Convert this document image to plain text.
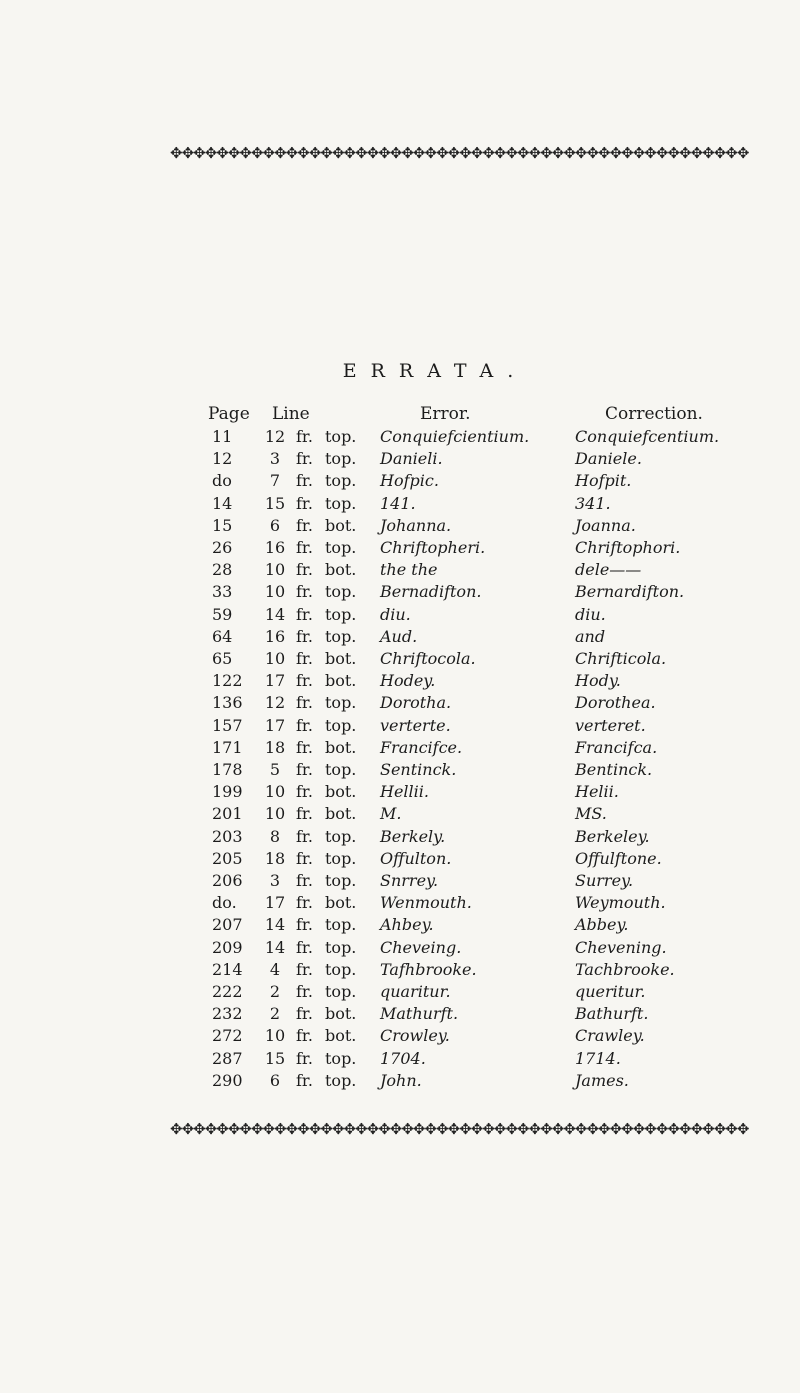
✥✥✥✥✥✥✥✥✥✥✥✥✥✥✥✥✥✥✥✥✥✥✥✥✥✥✥✥✥✥✥✥✥✥✥✥✥✥✥✥✥✥✥✥✥✥✥✥✥✥
ERRATA.
Page Line	Error.	Correction.
11	12 fr. top. Conquiefcientium.	Conquiefcentium.
12	3 fr. top. Danieli.	Daniele.
do	7 fr. top. Hofpic.	Hofpit.
14	15 fr. top. 141.	341.
15	6 fr. bot. Johanna.	Joanna.
26	16 fr. top. Chriftopheri.	Chriftophori.
28	10 fr. bot. the the	dele——
33	10 fr. top. Bernadifton.	Bernardifton.
59	14 fr. top. diu.	diu.
64	16 fr. top. Aud.	and
65	10 fr. bot. Chriftocola.	Chrifticola.
122	17 fr. bot. Hodey.	Hody.
136	12 fr. top. Dorotha.	Dorothea.
157	17 fr. top. verterte.	verteret.
171	18 fr. bot. Francifce.	Francifca.
178	5 fr. top. Sentinck.	Bentinck.
199	10 fr. bot. Hellii.	Helii.
201	10 fr. bot. M.	MS.
203	8 fr. top. Berkely.	Berkeley.
205	18 fr. top. Offulton.	Offulftone.
206	3 fr. top. Snrrey.	Surrey.
do.	17 fr. bot. Wenmouth.	Weymouth.
207	14 fr. top. Ahbey.	Abbey.
209	14 fr. top. Cheveing.	Chevening.
214	4 fr. top. Tafhbrooke.	Tachbrooke.
222	2 fr. top. quaritur.	queritur.
232	2 fr. bot. Mathurft.	Bathurft.
272	10 fr. bot. Crowley.	Crawley.
287	15 fr. top. 1704.	1714.
290	6 fr. top. John.	James.
✥✥✥✥✥✥✥✥✥✥✥✥✥✥✥✥✥✥✥✥✥✥✥✥✥✥✥✥✥✥✥✥✥✥✥✥✥✥✥✥✥✥✥✥✥✥✥✥✥✥
